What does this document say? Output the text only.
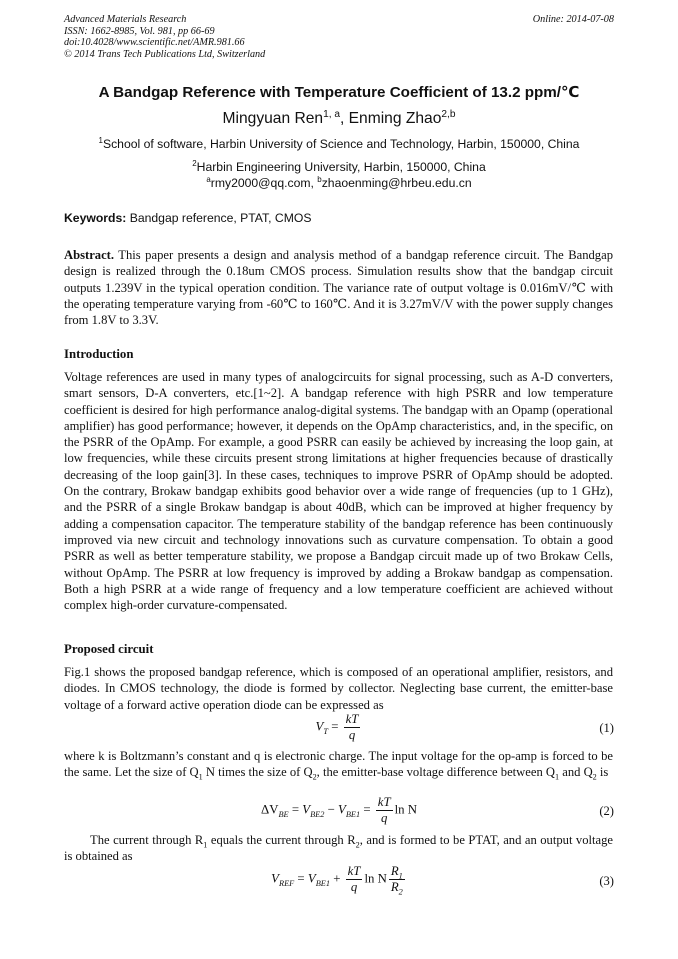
Advanced Materials Research
ISSN: 1662-8985, Vol. 981, pp 66-69
doi:10.4028/www.scientific.net/AMR.981.66
© 2014 Trans Tech Publications Ltd, Switzerland
Online: 2014-07-08
A Bandgap Reference with Temperature Coefficient of 13.2 ppm/℃
Mingyuan Ren$^{1, a}$, Enming Zhao$^{2,b}$
$^1$School of software, Harbin University of Science and Technology, Harbin, 150000, China
$^2$Harbin Engineering University, Harbin, 150000, China
$^a$rmy2000@qq.com, $^b$zhaoenming@hrbeu.edu.cn
Keywords: Bandgap reference, PTAT, CMOS
Abstract. This paper presents a design and analysis method of a bandgap reference circuit. The Bandgap design is realized through the 0.18um CMOS process. Simulation results show that the bandgap circuit outputs 1.239V in the typical operation condition. The variance rate of output voltage is 0.016mV/℃ with the operating temperature varying from -60℃ to 160℃. And it is 3.27mV/V with the power supply changes from 1.8V to 3.3V.
Introduction
Voltage references are used in many types of analogcircuits for signal processing, such as A-D converters, smart sensors, D-A converters, etc.[1~2]. A bandgap reference with high PSRR and low temperature coefficient is desired for high performance analog-digital systems. The bandgap with an Opamp (operational amplifier) has good performance; however, it depends on the OpAmp characteristics, and, in the specific, on the PSRR of the OpAmp. For example, a good PSRR can easily be achieved by increasing the loop gain, at low frequencies, while these circuits present strong limitations at higher frequencies because of drastically decreasing of the loop gain[3]. In these cases, techniques to improve PSRR of OpAmp should be adopted. On the contrary, Brokaw bandgap exhibits good behavior over a wide range of frequencies (up to 1 GHz), and the PSRR of a single Brokaw bandgap is about 40dB, which can be improved at higher frequency by adding a compensation capacitor. The temperature stability of the bandgap reference has been continuously improved via new circuit and technology innovations such as curvature compensation. To obtain a good PSRR as well as better temperature stability, we propose a Bandgap circuit made up of two Brokaw Cells, without OpAmp. The PSRR at low frequency is improved by adding a Brokaw bandgap as compensation. Both a high PSRR at a wide range of frequency and a low temperature coefficient are achieved without complex high-order curvature-compensated.
Proposed circuit
Fig.1 shows the proposed bandgap reference, which is composed of an operational amplifier, resistors, and diodes. In CMOS technology, the diode is formed by collector. Neglecting base current, the emitter-base voltage of a forward active operation diode can be expressed as
$V_T = \frac{kT}{q}$	(1)
where k is Boltzmann’s constant and q is electronic charge. The input voltage for the op-amp is forced to be the same. Let the size of $Q_1$ N times the size of $Q_2$, the emitter-base voltage difference between $Q_1$ and $Q_2$ is
$\Delta V_{BE} = V_{BE2} - V_{BE1} = \frac{kT}{q}$ ln N	(2)
The current through $R_1$ equals the current through $R_2$, and is formed to be PTAT, and an output voltage is obtained as
$V_{REF} = V_{BE1} + \frac{kT}{q}$ ln N $\frac{R_1}{R_2}$	(3)
